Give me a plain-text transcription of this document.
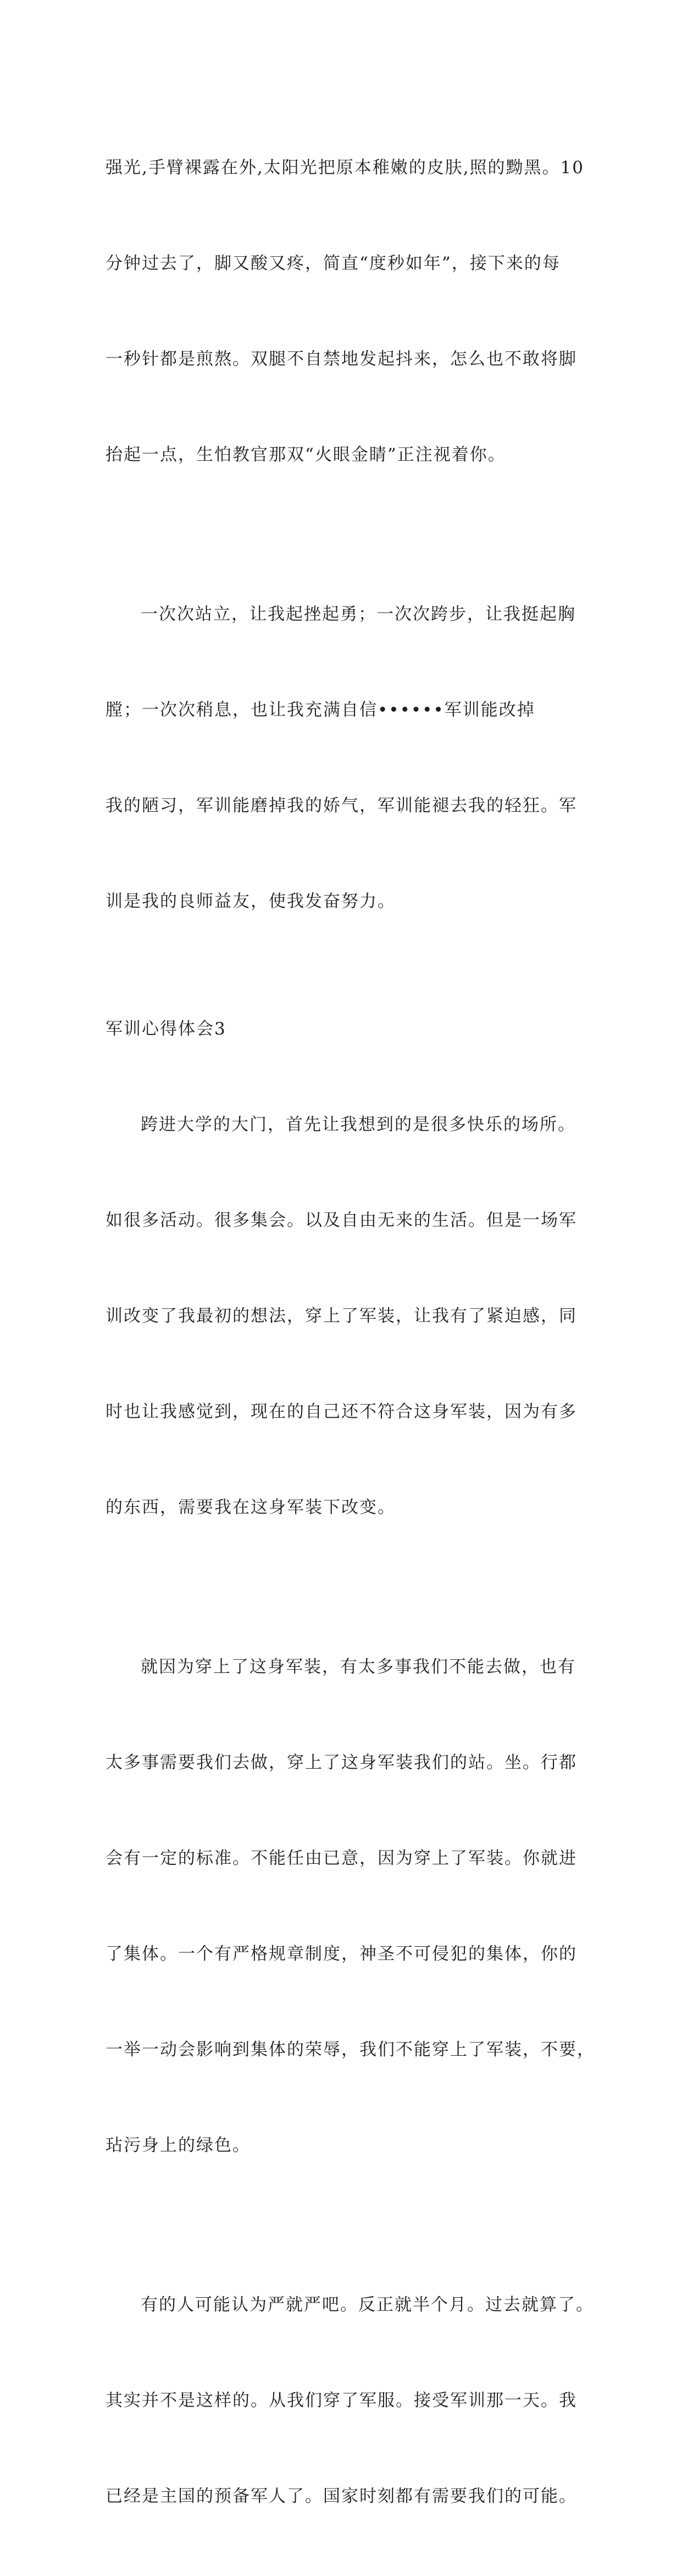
强光,手臂裸露在外,太阳光把原本稚嫩的皮肤,照的黝黑。10

分钟过去了，脚又酸又疼，简直“度秒如年”，接下来的每

一秒针都是煎熬。双腿不自禁地发起抖来，怎么也不敢将脚

抬起一点，生怕教官那双“火眼金睛”正注视着你。

一次次站立，让我起挫起勇；一次次跨步，让我挺起胸

膛；一次次稍息，也让我充满自信••••••军训能改掉

我的陋习，军训能磨掉我的娇气，军训能褪去我的轻狂。军

训是我的良师益友，使我发奋努力。

军训心得体会3

跨进大学的大门，首先让我想到的是很多快乐的场所。

如很多活动。很多集会。以及自由无来的生活。但是一场军

训改变了我最初的想法，穿上了军装，让我有了紧迫感，同

时也让我感觉到，现在的自己还不符合这身军装，因为有多

的东西，需要我在这身军装下改变。

就因为穿上了这身军装，有太多事我们不能去做，也有

太多事需要我们去做，穿上了这身军装我们的站。坐。行都

会有一定的标准。不能任由已意，因为穿上了军装。你就进

了集体。一个有严格规章制度，神圣不可侵犯的集体，你的

一举一动会影响到集体的荣辱，我们不能穿上了军装，不要，

玷污身上的绿色。

有的人可能认为严就严吧。反正就半个月。过去就算了。

其实并不是这样的。从我们穿了军服。接受军训那一天。我

已经是主国的预备军人了。国家时刻都有需要我们的可能。
